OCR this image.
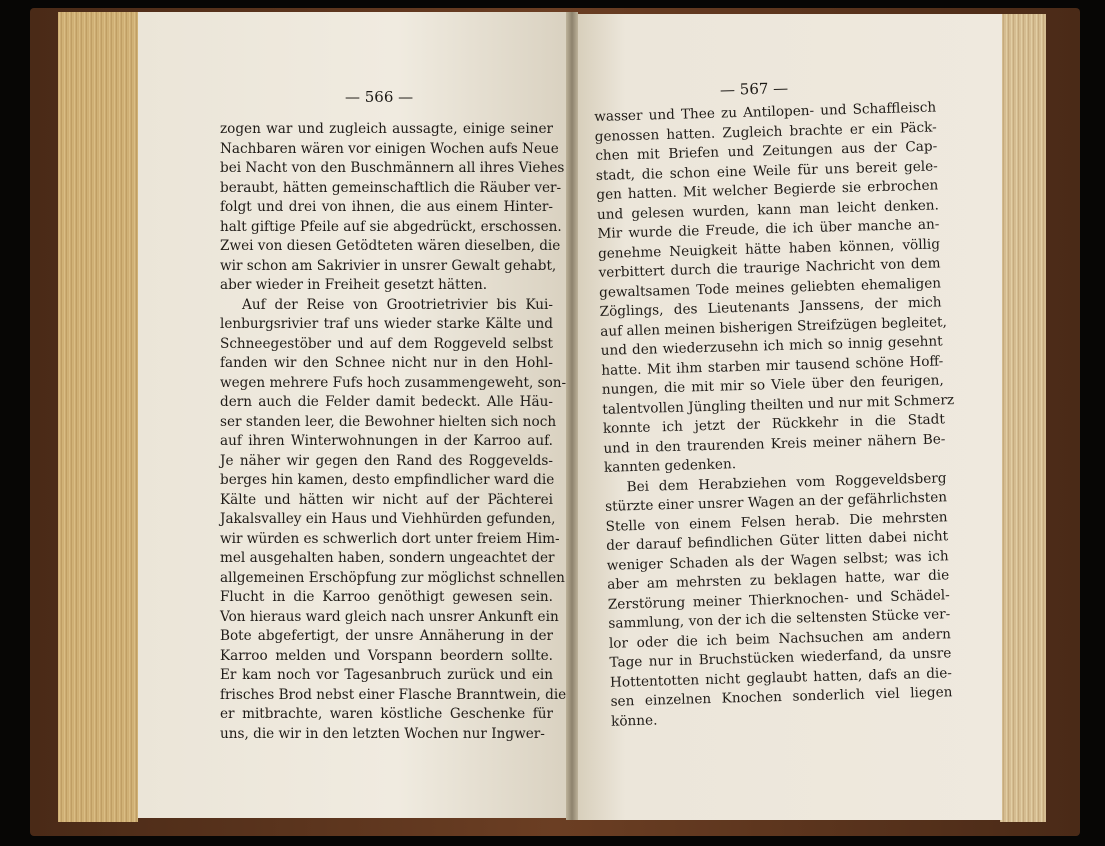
— 566 —	— 567 —
zogen war und zugleich aussagte, einige seiner
Nachbaren wären vor einigen Wochen aufs Neue
bei Nacht von den Buschmännern all ihres Viehes
beraubt, hätten gemeinschaftlich die Räuber ver-
folgt und drei von ihnen, die aus einem Hinter-
halt giftige Pfeile auf sie abgedrückt, erschossen.
Zwei von diesen Getödteten wären dieselben, die
wir schon am Sakrivier in unsrer Gewalt gehabt,
aber wieder in Freiheit gesetzt hätten.
Auf der Reise von Grootrietrivier bis Kui-
lenburgsrivier traf uns wieder starke Kälte und
Schneegestöber und auf dem Roggeveld selbst
fanden wir den Schnee nicht nur in den Hohl-
wegen mehrere Fufs hoch zusammengeweht, son-
dern auch die Felder damit bedeckt. Alle Häu-
ser standen leer, die Bewohner hielten sich noch
auf ihren Winterwohnungen in der Karroo auf.
Je näher wir gegen den Rand des Roggevelds-
berges hin kamen, desto empfindlicher ward die
Kälte und hätten wir nicht auf der Pächterei
Jakalsvalley ein Haus und Viehhürden gefunden,
wir würden es schwerlich dort unter freiem Him-
mel ausgehalten haben, sondern ungeachtet der
allgemeinen Erschöpfung zur möglichst schnellen
Flucht in die Karroo genöthigt gewesen sein.
Von hieraus ward gleich nach unsrer Ankunft ein
Bote abgefertigt, der unsre Annäherung in der
Karroo melden und Vorspann beordern sollte.
Er kam noch vor Tagesanbruch zurück und ein
frisches Brod nebst einer Flasche Branntwein, die
er mitbrachte, waren köstliche Geschenke für
uns, die wir in den letzten Wochen nur Ingwer-
wasser und Thee zu Antilopen- und Schaffleisch
genossen hatten. Zugleich brachte er ein Päck-
chen mit Briefen und Zeitungen aus der Cap-
stadt, die schon eine Weile für uns bereit gele-
gen hatten. Mit welcher Begierde sie erbrochen
und gelesen wurden, kann man leicht denken.
Mir wurde die Freude, die ich über manche an-
genehme Neuigkeit hätte haben können, völlig
verbittert durch die traurige Nachricht von dem
gewaltsamen Tode meines geliebten ehemaligen
Zöglings, des Lieutenants Janssens, der mich
auf allen meinen bisherigen Streifzügen begleitet,
und den wiederzusehn ich mich so innig gesehnt
hatte. Mit ihm starben mir tausend schöne Hoff-
nungen, die mit mir so Viele über den feurigen,
talentvollen Jüngling theilten und nur mit Schmerz
konnte ich jetzt der Rückkehr in die Stadt
und in den traurenden Kreis meiner nähern Be-
kannten gedenken.
Bei dem Herabziehen vom Roggeveldsberg
stürzte einer unsrer Wagen an der gefährlichsten
Stelle von einem Felsen herab. Die mehrsten
der darauf befindlichen Güter litten dabei nicht
weniger Schaden als der Wagen selbst; was ich
aber am mehrsten zu beklagen hatte, war die
Zerstörung meiner Thierknochen- und Schädel-
sammlung, von der ich die seltensten Stücke ver-
lor oder die ich beim Nachsuchen am andern
Tage nur in Bruchstücken wiederfand, da unsre
Hottentotten nicht geglaubt hatten, dafs an die-
sen einzelnen Knochen sonderlich viel liegen
könne.
